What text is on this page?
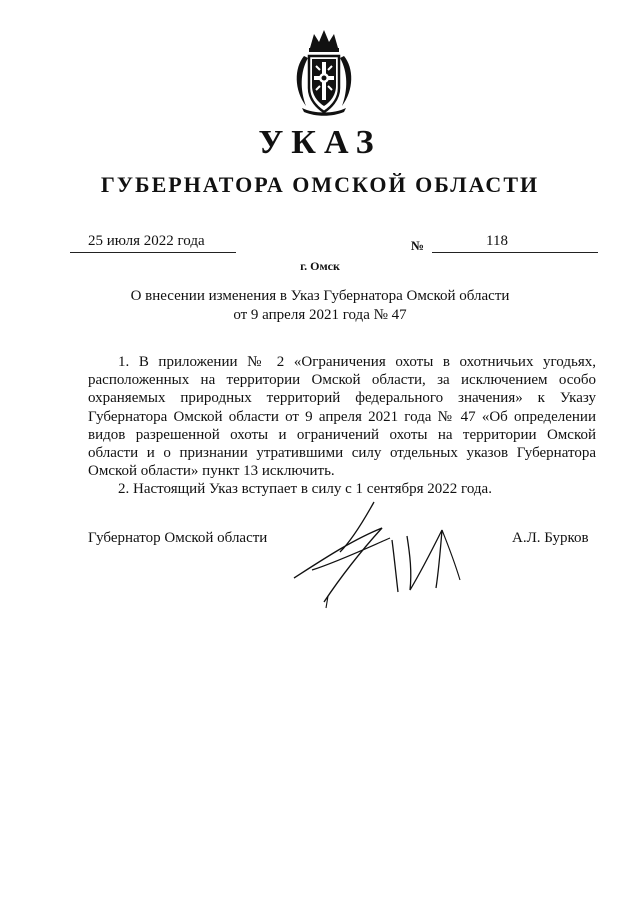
УКАЗ
ГУБЕРНАТОРА ОМСКОЙ ОБЛАСТИ
25 июля 2022 года	№	118
г. Омск
О внесении изменения в Указ Губернатора Омской области
от 9 апреля 2021 года № 47

1. В приложении № 2 «Ограничения охоты в охотничьих угодьях, расположенных на территории Омской области, за исключением особо охраняемых природных территорий федерального значения» к Указу Губернатора Омской области от 9 апреля 2021 года № 47 «Об определении видов разрешенной охоты и ограничений охоты на территории Омской области и о признании утратившими силу отдельных указов Губернатора Омской области» пункт 13 исключить.

2. Настоящий Указ вступает в силу с 1 сентября 2022 года.

Губернатор Омской области	А.Л. Бурков
